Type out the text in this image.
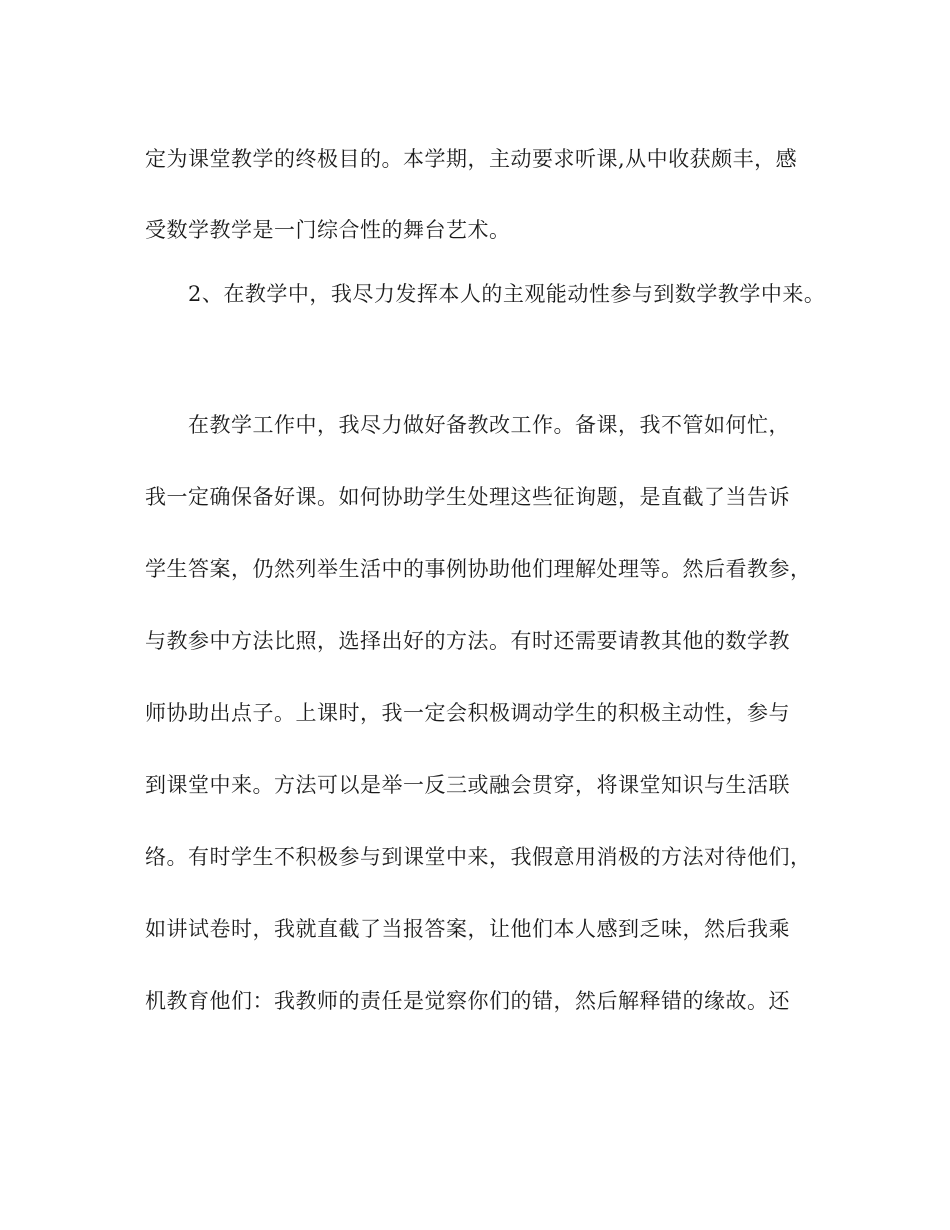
定为课堂教学的终极目的。本学期，主动要求听课,从中收获颇丰，感
受数学教学是一门综合性的舞台艺术。
2、在教学中，我尽力发挥本人的主观能动性参与到数学教学中来。
在教学工作中，我尽力做好备教改工作。备课，我不管如何忙，
我一定确保备好课。如何协助学生处理这些征询题，是直截了当告诉
学生答案，仍然列举生活中的事例协助他们理解处理等。然后看教参，
与教参中方法比照，选择出好的方法。有时还需要请教其他的数学教
师协助出点子。上课时，我一定会积极调动学生的积极主动性，参与
到课堂中来。方法可以是举一反三或融会贯穿，将课堂知识与生活联
络。有时学生不积极参与到课堂中来，我假意用消极的方法对待他们，
如讲试卷时，我就直截了当报答案，让他们本人感到乏味，然后我乘
机教育他们：我教师的责任是觉察你们的错，然后解释错的缘故。还
